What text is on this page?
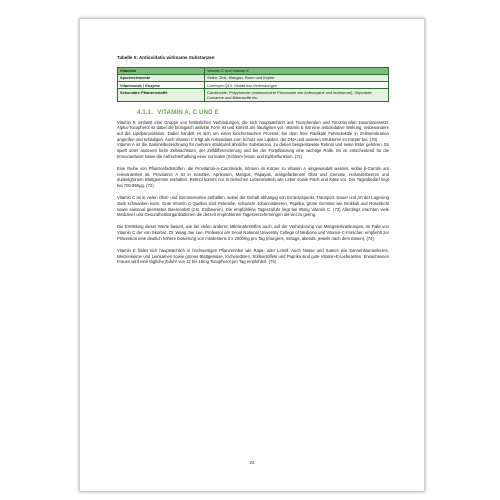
Tabelle 5: Antioxidativ wirksame Substanzen
Vitamine	Vitamin C und Vitamin E
Spurenelemente	Selen, Zink, Mangan, Eisen und Kupfer
Vitaminoide / Enzyme	Coenzym Q10, Glutathion-Verbindungen
Sekundäre Pflanzenstoffe	Carotinoide, Polyphenole (insbesondere Flavonoide wie Anthocyane und Isoflavone), Glycoside, Cumarine und Bitterstoffe etc.
4.1.1. VITAMIN A, C UND E

Vitamin E umfasst eine Gruppe von fettlöslichen Verbindungen, die sich hauptsächlich aus Tocopherolen und Tocotrienolen zusammensetzt: Alpha-Tocopherol ist dabei die biologisch aktivste Form ist und kommt am häufigsten vor. Vitamin E hat eine antioxidative Wirkung, insbesondere auf die Lipidperoxidation. Dabei handelt es sich um einen biochemischen Prozess, bei dem freie Radikale Fettmoleküle in Zellmembranen angreifen und schädigen. Auch Vitamin C trägt als Antioxidans zum Schutz von Lipiden, der DNA und anderen Strukturen im Körper bei. (70)

Vitamin A ist die Sammelbezeichnung für mehrere strukturell ähnliche Substanzen, zu denen beispielsweise Retinol und seine Ester gehören. Es spielt unter anderem beim Zellwachstum, der Zelldifferenzierung und bei der Fortpflanzung eine wichtige Rolle. Es ist entscheidend für die Immunantwort sowie die Aufrechterhaltung einer normalen (Schleim-)Haut- und Epithelfunktion. (71)

Eine Reihe von Pflanzenfarbstoffen, die Provitamin-A-Carotinoide, können im Körper zu Vitamin A umgewandelt werden, wobei β-Carotin am relevantesten ist. Provitamin A ist in Karotten, Aprikosen, Mangos, Papayas, orangefarbenem Obst und Gemüse, Holunderbeeren und dunkelgrünem Blattgemüse enthalten. Retinol kommt nur in tierischen Lebensmitteln wie Leber sowie Fisch und Käse vor. Der Tagesbedarf liegt bei 700-850µg. (72)

Vitamin C ist in vielen Obst- und Gemüsesorten enthalten, wobei der Gehalt abhängig von Erntezeitpunkt, Transport, Dauer und Art der Lagerung stark schwanken kann. Gute Vitamin C-Quellen sind Petersilie, schwarze Johannisbeeren, Paprika, grüne Gemüse wie Brokkoli und Rosenkohl sowie saisonal geerntetes Beerenobst (z.B. Erdbeeren). Die empfohlene Tageszufuhr liegt bei 95mg Vitamin C. (73) Allerdings erachten viele Mediziner und Gesundheitsorganisationen die derzeit empfohlenen Tagesverzehrmengen als viel zu gering.

Die Ermittlung dieser Werte basiert, wie bei vielen anderen Mikronährstoffen auch, auf der Verhinderung von Mangelerkrankungen, im Falle von Vitamin C der von Skorbut. Dr. Wang Jae Lee, Professor am Seoul National University College of Medicine und Vitamin-C-Forscher, empfiehlt zur Prävention eine deutlich höhere Dosierung von mindestens 3 x 2000mg pro Tag (morgens, mittags, abends, jeweils nach dem Essen). (74)

Vitamin E findet sich hauptsächlich in hochwertigen Pflanzenölen wie Raps- oder Leinöl. Auch Nüsse und Samen wie Sonnenblumenkerne, Weizenkeime und Leinsamen sowie grünes Blattgemüse, Kichererbsen, Süßkartoffeln und Paprika sind gute Vitamin-E-Lieferanten. Erwachsenen Frauen wird eine tägliche Zufuhr von 12 bis 15mg Tocopherol pro Tag empfohlen. (75)

24
